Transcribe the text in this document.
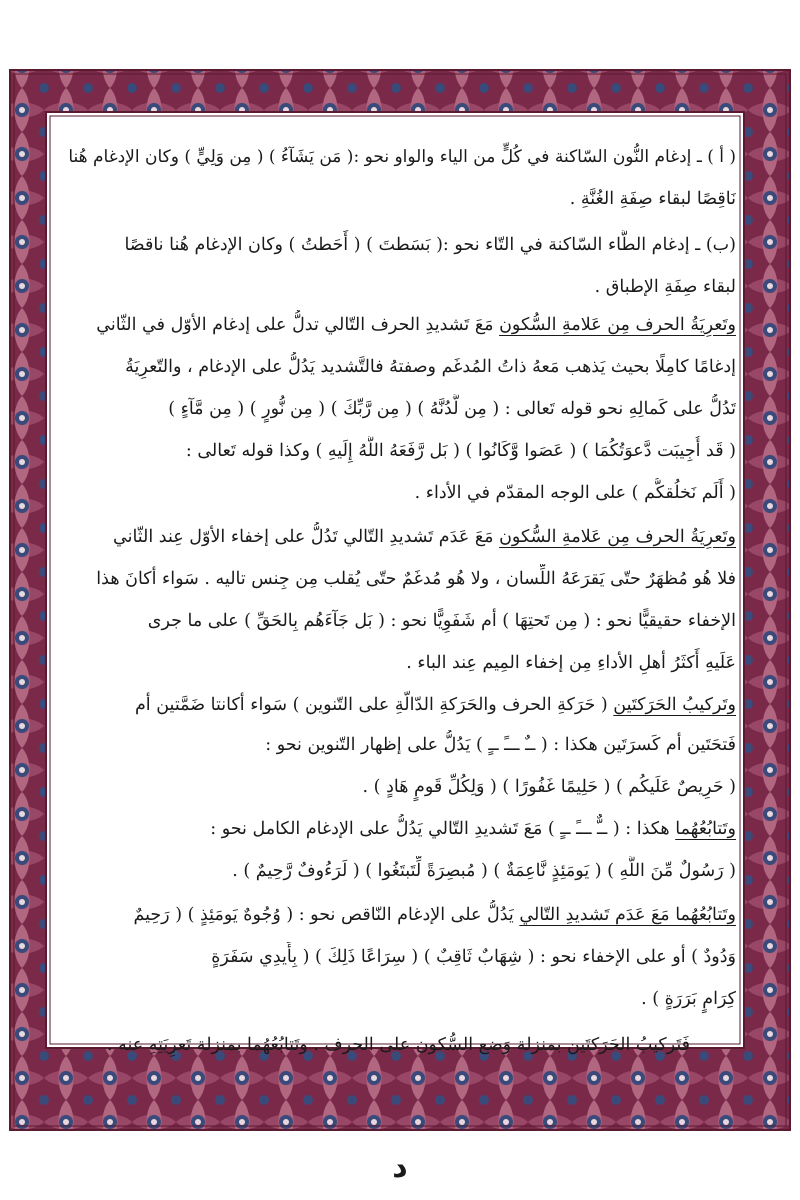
( أ ) ـ إدغام النُّون السّاكنة في كُلٍّ من الياء والواو نحو :( مَن يَشَآءُ ) ( مِن وَلِيٍّ ) وكان الإدغام هُنا
نَاقِصًا لبقاء صِفَةِ الغُنَّةِ .
(ب) ـ إدغام الطَّاء السّاكنة في التّاء نحو :( بَسَطتَ ) ( أَحَطتُ ) وكان الإدغام هُنا ناقصًا
لبقاء صِفَةِ الإطباق .
وتَعرِيَةُ الحرف مِن عَلامةِ السُّكون مَعَ تَشديدِ الحرف التّالي تدلُّ على إدغام الأوّل في الثّاني
إدغامًا كامِلًا بحيث يَذهب مَعهُ ذاتُ المُدغَم وصفتهُ فالتَّشديد يَدُلُّ على الإدغام ، والتّعرِيَةُ
تَدُلُّ على كَمالِهِ نحو قوله تَعالى : ( مِن لَّدُنَّهُ ) ( مِن رَّبِّكَ ) ( مِن نُّورٍ ) ( مِن مَّآءٍ )
( قَد أُجِيبَت دَّعوَتُكُمَا ) ( عَصَوا وَّكَانُوا ) ( بَل رَّفَعَهُ اللَّهُ إِلَيهِ ) وكذا قوله تَعالى :
( أَلَم نَخلُقكُّم ) على الوجه المقدّم في الأداء .
وتَعرِيَةُ الحرف مِن عَلامةِ السُّكون مَعَ عَدَم تَشديدِ التّالي تَدُلُّ على إخفاء الأوّل عِند الثّاني
فلا هُو مُظهَرٌ حتّى يَقرَعَهُ اللِّسان ، ولا هُو مُدغَمٌ حتّى يُقلب مِن جِنس تاليه . سَواء أكانَ هذا
الإخفاء حقيقيًّا نحو : ( مِن تَحتِهَا ) أم شَفَوِيًّا نحو : ( بَل جَآءَهُم بِالحَقِّ ) على ما جرى
عَلَيهِ أَكثَرُ أهلِ الأداءِ مِن إخفاء المِيم عِند الباء .
وتَركيبُ الحَرَكتَين ( حَرَكةِ الحرف والحَرَكةِ الدّالّةِ على التّنوين ) سَواء أكانتا ضَمَّتين أم
فَتحَتَين أم كَسرَتَين هكذا : ( ــٌ ـــً ــٍ ) يَدُلُّ على إظهار التّنوين نحو :
( حَرِيصٌ عَلَيكُم ) ( حَلِيمًا غَفُورًا ) ( وَلِكُلِّ قَومٍ هَادٍ ) .
وتَتابُعُهُما هكذا : ( ــٌّ ـــً ــٍ ) مَعَ تَشديدِ التّالي يَدُلُّ على الإدغام الكامل نحو :
( رَسُولٌ مِّنَ اللَّهِ ) ( يَومَئِذٍ نَّاعِمَةٌ ) ( مُبصِرَةً لِّتَبتَغُوا ) ( لَرَءُوفٌ رَّحِيمٌ ) .
وتَتابُعُهُما مَعَ عَدَم تَشديدِ التّالي يَدُلُّ على الإدغام النّاقص نحو : ( وُجُوهٌ يَومَئِذٍ ) ( رَحِيمٌ
وَدُودٌ ) أو على الإخفاء نحو : ( شِهَابٌ ثَاقِبٌ ) ( سِرَاعًا ذَلِكَ ) ( بِأَيدِي سَفَرَةٍ
كِرَامٍ بَرَرَةٍ ) .
فَتَركيبُ الحَرَكتَين بمنزلة وَضع السُّكون على الحرف . وتَتابُعُهُما بمنزلة تَعرِيَتِهِ عنه .
د
